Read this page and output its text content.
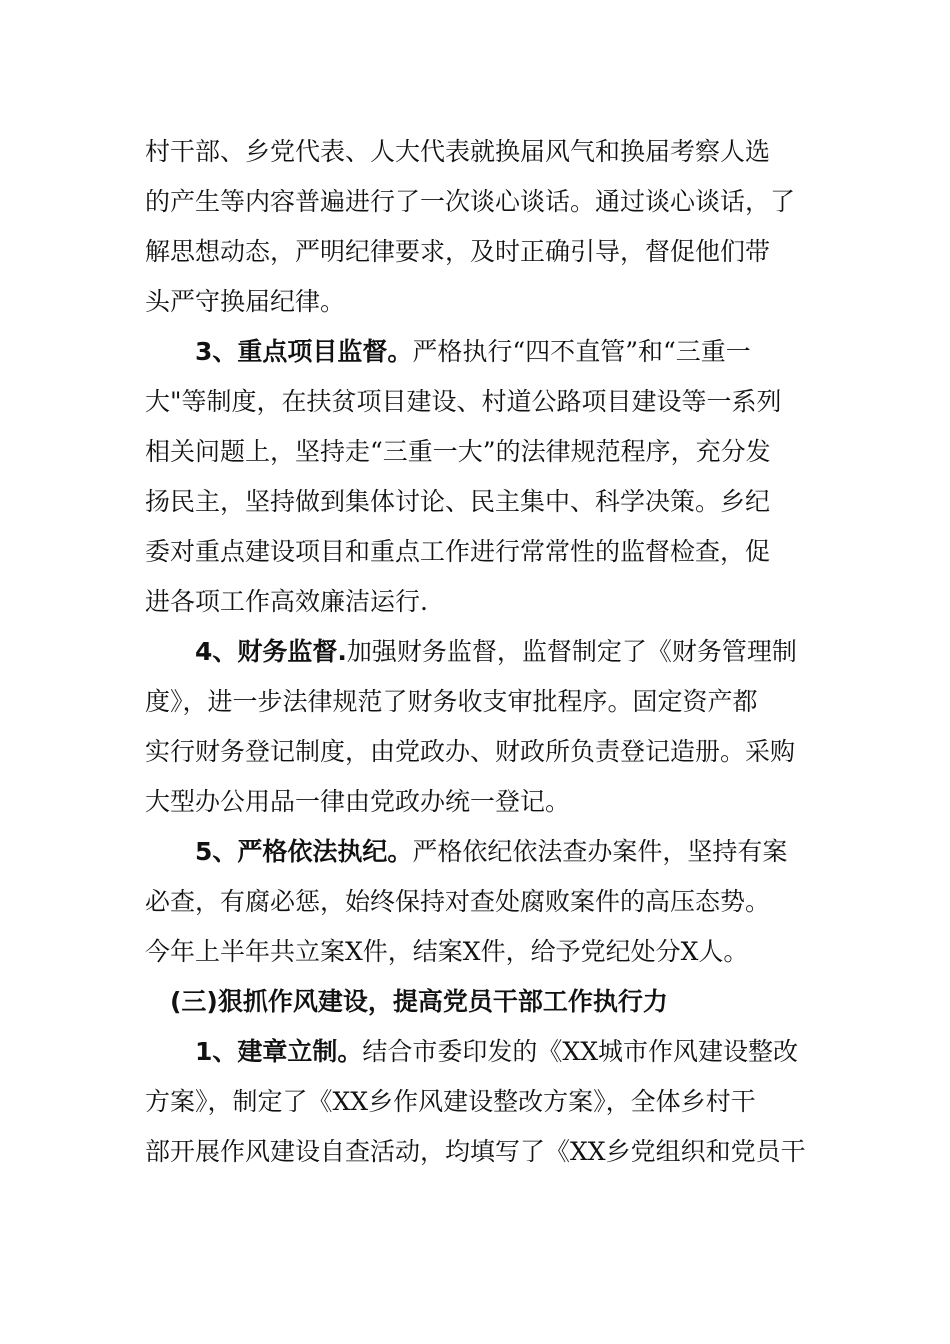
村干部、乡党代表、人大代表就换届风气和换届考察人选
的产生等内容普遍进行了一次谈心谈话。通过谈心谈话，了
解思想动态，严明纪律要求，及时正确引导，督促他们带
头严守换届纪律。
3、重点项目监督。严格执行“四不直管”和“三重一
大"等制度，在扶贫项目建设、村道公路项目建设等一系列
相关问题上，坚持走“三重一大”的法律规范程序，充分发
扬民主，坚持做到集体讨论、民主集中、科学决策。乡纪
委对重点建设项目和重点工作进行常常性的监督检查，促
进各项工作高效廉洁运行.
4、财务监督.加强财务监督，监督制定了《财务管理制
度》，进一步法律规范了财务收支审批程序。固定资产都
实行财务登记制度，由党政办、财政所负责登记造册。采购
大型办公用品一律由党政办统一登记。
5、严格依法执纪。严格依纪依法查办案件，坚持有案
必查，有腐必惩，始终保持对查处腐败案件的高压态势。
今年上半年共立案Ⅹ件，结案Ⅹ件，给予党纪处分Ⅹ人。
(三)狠抓作风建设，提高党员干部工作执行力
1、建章立制。结合市委印发的《XX城市作风建设整改
方案》，制定了《XX乡作风建设整改方案》，全体乡村干
部开展作风建设自查活动，均填写了《XX乡党组织和党员干
